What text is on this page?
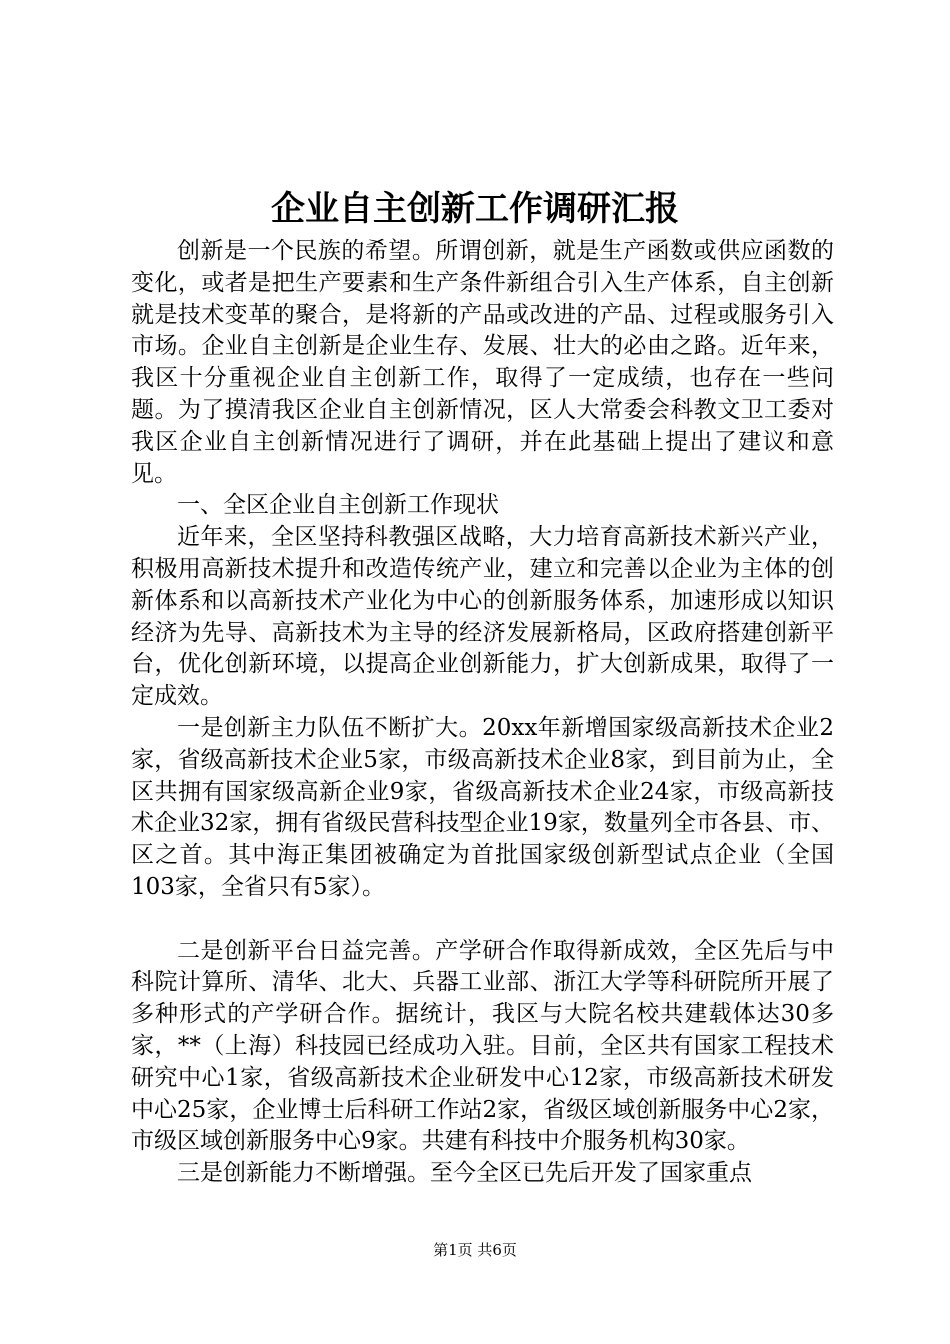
企业自主创新工作调研汇报

创新是一个民族的希望。所谓创新，就是生产函数或供应函数的变化，或者是把生产要素和生产条件新组合引入生产体系，自主创新就是技术变革的聚合，是将新的产品或改进的产品、过程或服务引入市场。企业自主创新是企业生存、发展、壮大的必由之路。近年来，我区十分重视企业自主创新工作，取得了一定成绩，也存在一些问题。为了摸清我区企业自主创新情况，区人大常委会科教文卫工委对我区企业自主创新情况进行了调研，并在此基础上提出了建议和意见。

一、全区企业自主创新工作现状

近年来，全区坚持科教强区战略，大力培育高新技术新兴产业，积极用高新技术提升和改造传统产业，建立和完善以企业为主体的创新体系和以高新技术产业化为中心的创新服务体系，加速形成以知识经济为先导、高新技术为主导的经济发展新格局，区政府搭建创新平台，优化创新环境，以提高企业创新能力，扩大创新成果，取得了一定成效。

一是创新主力队伍不断扩大。20xx年新增国家级高新技术企业2家，省级高新技术企业5家，市级高新技术企业8家，到目前为止，全区共拥有国家级高新企业9家，省级高新技术企业24家，市级高新技术企业32家，拥有省级民营科技型企业19家，数量列全市各县、市、区之首。其中海正集团被确定为首批国家级创新型试点企业（全国103家，全省只有5家）。

二是创新平台日益完善。产学研合作取得新成效，全区先后与中科院计算所、清华、北大、兵器工业部、浙江大学等科研院所开展了多种形式的产学研合作。据统计，我区与大院名校共建载体达30多家，**（上海）科技园已经成功入驻。目前，全区共有国家工程技术研究中心1家，省级高新技术企业研发中心12家，市级高新技术研发中心25家，企业博士后科研工作站2家，省级区域创新服务中心2家，市级区域创新服务中心9家。共建有科技中介服务机构30家。

三是创新能力不断增强。至今全区已先后开发了国家重点

第1页 共6页
